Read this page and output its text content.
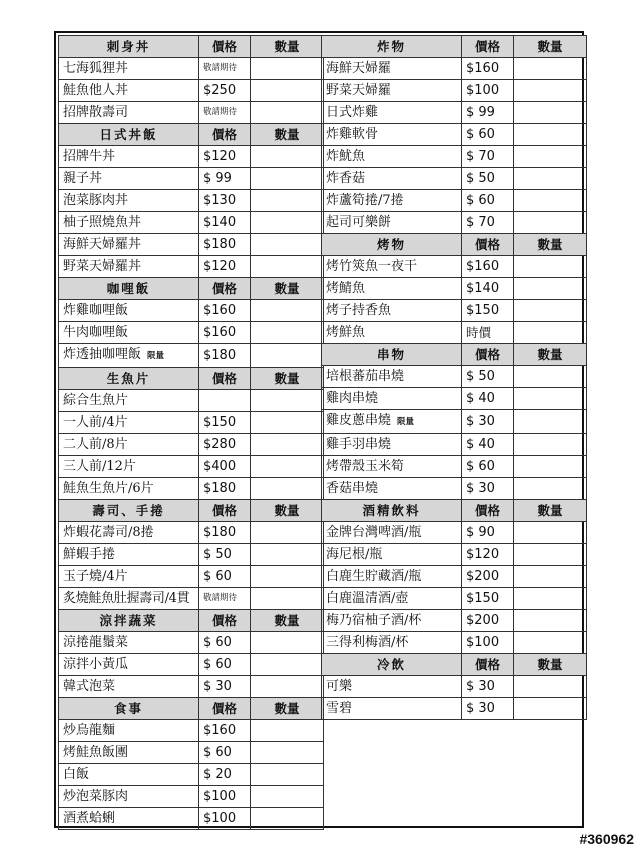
刺身丼	價格	數量
七海狐狸丼	敬請期待	
鮭魚他人丼	$250	
招牌散壽司	敬請期待	
日式丼飯	價格	數量
招牌牛丼	$120	
親子丼	$ 99	
泡菜豚肉丼	$130	
柚子照燒魚丼	$140	
海鮮天婦羅丼	$180	
野菜天婦羅丼	$120	
咖哩飯	價格	數量
炸雞咖哩飯	$160	
牛肉咖哩飯	$160	
炸透抽咖哩飯 限量	$180	
生魚片	價格	數量
綜合生魚片		
一人前/4片	$150	
二人前/8片	$280	
三人前/12片	$400	
鮭魚生魚片/6片	$180	
壽司、手捲	價格	數量
炸蝦花壽司/8捲	$180	
鮮蝦手捲	$ 50	
玉子燒/4片	$ 60	
炙燒鮭魚肚握壽司/4貫	敬請期待	
涼拌蔬菜	價格	數量
涼捲龍鬚菜	$ 60	
涼拌小黃瓜	$ 60	
韓式泡菜	$ 30	
食事	價格	數量
炒烏龍麵	$160	
烤鮭魚飯團	$ 60	
白飯	$ 20	
炒泡菜豚肉	$100	
酒煮蛤蜊	$100	
炸物	價格	數量
海鮮天婦羅	$160	
野菜天婦羅	$100	
日式炸雞	$ 99	
炸雞軟骨	$ 60	
炸魷魚	$ 70	
炸香菇	$ 50	
炸蘆筍捲/7捲	$ 60	
起司可樂餅	$ 70	
烤物	價格	數量
烤竹筴魚一夜干	$160	
烤鯖魚	$140	
烤子持香魚	$150	
烤鮮魚	時價	
串物	價格	數量
培根蕃茄串燒	$ 50	
雞肉串燒	$ 40	
雞皮蔥串燒 限量	$ 30	
雞手羽串燒	$ 40	
烤帶殼玉米筍	$ 60	
香菇串燒	$ 30	
酒精飲料	價格	數量
金牌台灣啤酒/瓶	$ 90	
海尼根/瓶	$120	
白鹿生貯藏酒/瓶	$200	
白鹿溫清酒/壺	$150	
梅乃宿柚子酒/杯	$200	
三得利梅酒/杯	$100	
冷飲	價格	數量
可樂	$ 30	
雪碧	$ 30	
#360962
